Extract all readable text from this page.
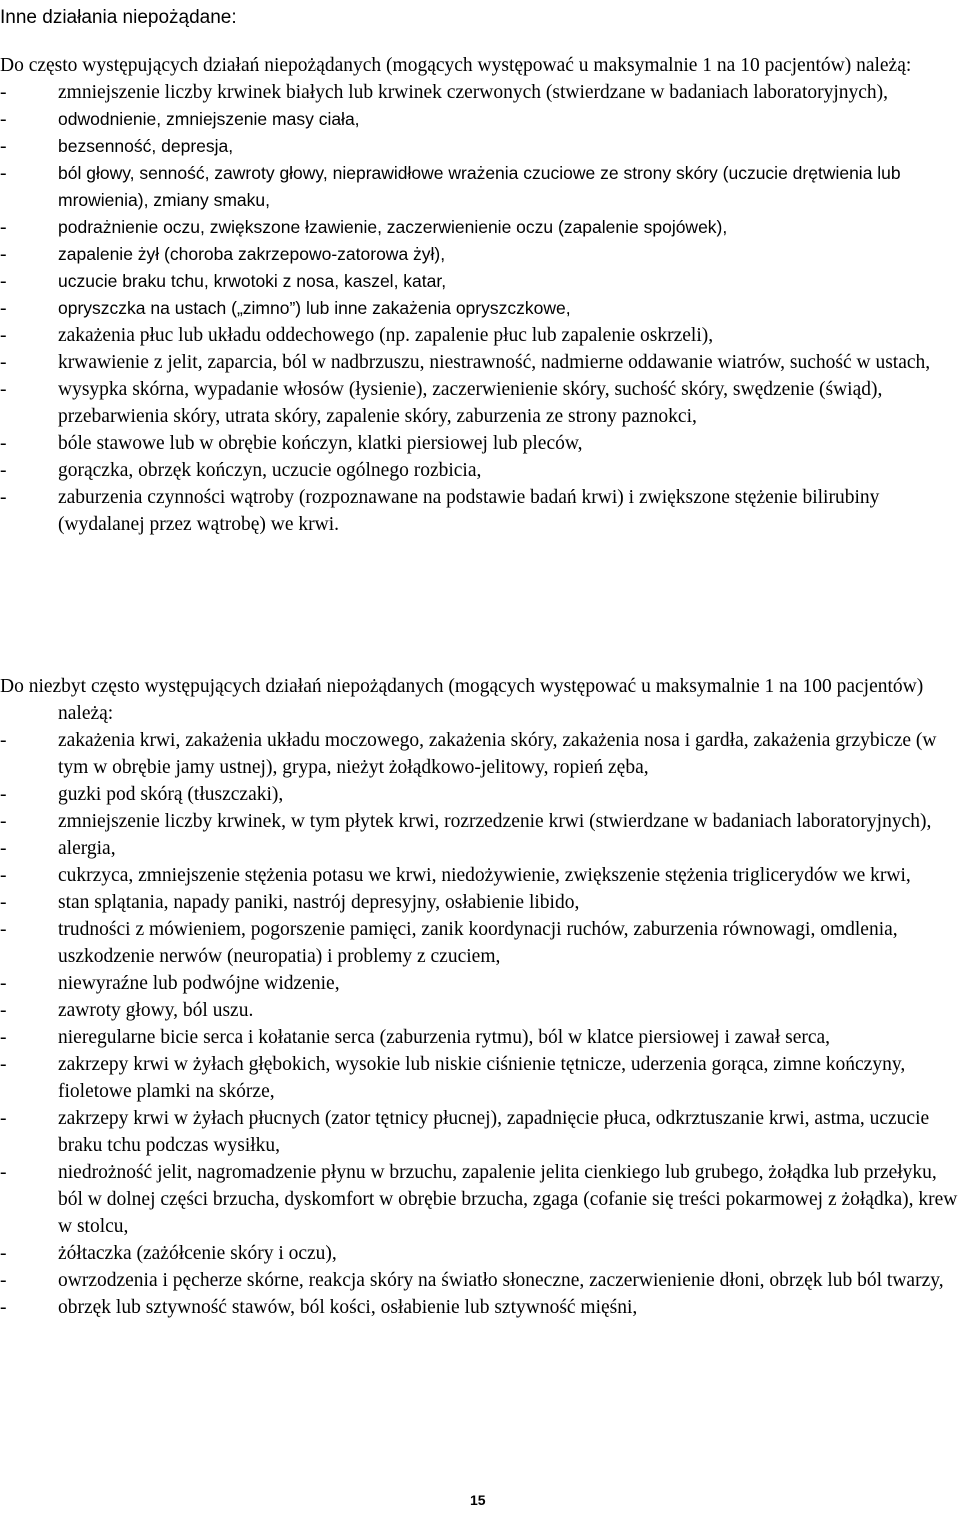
Inne działania niepożądane:
Do często występujących działań niepożądanych (mogących występować u maksymalnie 1 na 10 pacjentów) należą:
-	zmniejszenie liczby krwinek białych lub krwinek czerwonych (stwierdzane w badaniach laboratoryjnych),
-	odwodnienie, zmniejszenie masy ciała,
-	bezsenność, depresja,
-	ból głowy, senność, zawroty głowy, nieprawidłowe wrażenia czuciowe ze strony skóry (uczucie drętwienia lub mrowienia), zmiany smaku,
-	podrażnienie oczu, zwiększone łzawienie, zaczerwienienie oczu (zapalenie spojówek),
-	zapalenie żył (choroba zakrzepowo-zatorowa żył),
-	uczucie braku tchu, krwotoki z nosa, kaszel, katar,
-	opryszczka na ustach („zimno”) lub inne zakażenia opryszczkowe,
-	zakażenia płuc lub układu oddechowego (np. zapalenie płuc lub zapalenie oskrzeli),
-	krwawienie z jelit, zaparcia, ból w nadbrzuszu, niestrawność, nadmierne oddawanie wiatrów, suchość w ustach,
-	wysypka skórna, wypadanie włosów (łysienie), zaczerwienienie skóry, suchość skóry, swędzenie (świąd), przebarwienia skóry, utrata skóry, zapalenie skóry, zaburzenia ze strony paznokci,
-	bóle stawowe lub w obrębie kończyn, klatki piersiowej lub pleców,
-	gorączka, obrzęk kończyn, uczucie ogólnego rozbicia,
-	zaburzenia czynności wątroby (rozpoznawane na podstawie badań krwi) i zwiększone stężenie bilirubiny (wydalanej przez wątrobę) we krwi.
Do niezbyt często występujących działań niepożądanych (mogących występować u maksymalnie 1 na 100 pacjentów) należą:
-	zakażenia krwi, zakażenia układu moczowego, zakażenia skóry, zakażenia nosa i gardła, zakażenia grzybicze (w tym w obrębie jamy ustnej), grypa, nieżyt żołądkowo-jelitowy, ropień zęba,
-	guzki pod skórą (tłuszczaki),
-	zmniejszenie liczby krwinek, w tym płytek krwi, rozrzedzenie krwi (stwierdzane w badaniach laboratoryjnych),
-	alergia,
-	cukrzyca, zmniejszenie stężenia potasu we krwi, niedożywienie, zwiększenie stężenia triglicerydów we krwi,
-	stan splątania, napady paniki, nastrój depresyjny, osłabienie libido,
-	trudności z mówieniem, pogorszenie pamięci, zanik koordynacji ruchów, zaburzenia równowagi, omdlenia, uszkodzenie nerwów (neuropatia) i problemy z czuciem,
-	niewyraźne lub podwójne widzenie,
-	zawroty głowy, ból uszu.
-	nieregularne bicie serca i kołatanie serca (zaburzenia rytmu), ból w klatce piersiowej i zawał serca,
-	zakrzepy krwi w żyłach głębokich, wysokie lub niskie ciśnienie tętnicze, uderzenia gorąca, zimne kończyny, fioletowe plamki na skórze,
-	zakrzepy krwi w żyłach płucnych (zator tętnicy płucnej), zapadnięcie płuca, odkrztuszanie krwi, astma, uczucie braku tchu podczas wysiłku,
-	niedrożność jelit, nagromadzenie płynu w brzuchu, zapalenie jelita cienkiego lub grubego, żołądka lub przełyku, ból w dolnej części brzucha, dyskomfort w obrębie brzucha, zgaga (cofanie się treści pokarmowej z żołądka), krew w stolcu,
-	żółtaczka (zażółcenie skóry i oczu),
-	owrzodzenia i pęcherze skórne, reakcja skóry na światło słoneczne, zaczerwienienie dłoni, obrzęk lub ból twarzy,
-	obrzęk lub sztywność stawów, ból kości, osłabienie lub sztywność mięśni,
15
